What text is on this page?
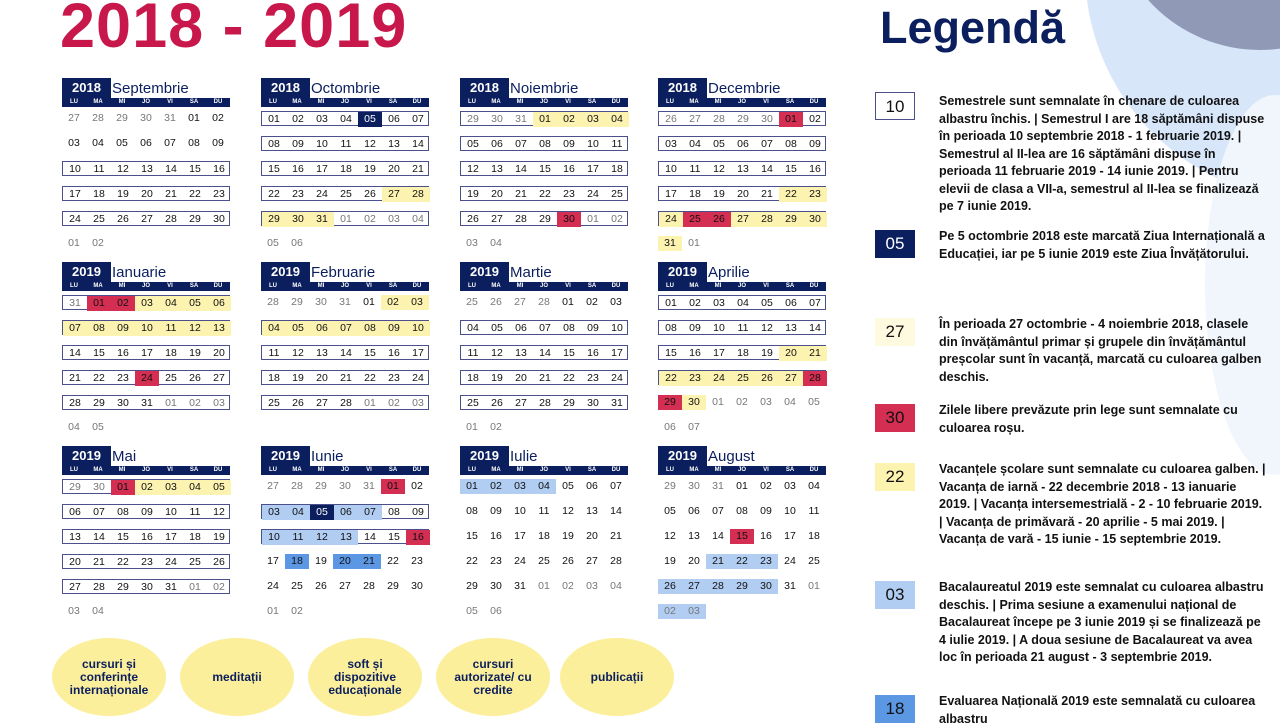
2018 - 2019	Legendă
2018 Septembrie
LU	MA	MI	JO	VI	SA	DU
27	28	29	30	31	01	02
03	04	05	06	07	08	09
10	11	12	13	14	15	16
17	18	19	20	21	22	23
24	25	26	27	28	29	30
01	02
2018 Octombrie
LU	MA	MI	JO	VI	SA	DU
01	02	03	04	05	06	07
08	09	10	11	12	13	14
15	16	17	18	19	20	21
22	23	24	25	26	27	28
29	30	31	01	02	03	04
05	06
2018 Noiembrie
LU	MA	MI	JO	VI	SA	DU
29	30	31	01	02	03	04
05	06	07	08	09	10	11
12	13	14	15	16	17	18
19	20	21	22	23	24	25
26	27	28	29	30	01	02
03	04
2018 Decembrie
LU	MA	MI	JO	VI	SA	DU
26	27	28	29	30	01	02
03	04	05	06	07	08	09
10	11	12	13	14	15	16
17	18	19	20	21	22	23
24	25	26	27	28	29	30
31	01
2019 Ianuarie
LU	MA	MI	JO	VI	SA	DU
31	01	02	03	04	05	06
07	08	09	10	11	12	13
14	15	16	17	18	19	20
21	22	23	24	25	26	27
28	29	30	31	01	02	03
04	05
2019 Februarie
LU	MA	MI	JO	VI	SA	DU
28	29	30	31	01	02	03
04	05	06	07	08	09	10
11	12	13	14	15	16	17
18	19	20	21	22	23	24
25	26	27	28	01	02	03
2019 Martie
LU	MA	MI	JO	VI	SA	DU
25	26	27	28	01	02	03
04	05	06	07	08	09	10
11	12	13	14	15	16	17
18	19	20	21	22	23	24
25	26	27	28	29	30	31
01	02
2019 Aprilie
LU	MA	MI	JO	VI	SA	DU
01	02	03	04	05	06	07
08	09	10	11	12	13	14
15	16	17	18	19	20	21
22	23	24	25	26	27	28
29	30	01	02	03	04	05
06	07
2019 Mai
LU	MA	MI	JO	VI	SA	DU
29	30	01	02	03	04	05
06	07	08	09	10	11	12
13	14	15	16	17	18	19
20	21	22	23	24	25	26
27	28	29	30	31	01	02
03	04
2019 Iunie
LU	MA	MI	JO	VI	SA	DU
27	28	29	30	31	01	02
03	04	05	06	07	08	09
10	11	12	13	14	15	16
17	18	19	20	21	22	23
24	25	26	27	28	29	30
01	02
2019 Iulie
LU	MA	MI	JO	VI	SA	DU
01	02	03	04	05	06	07
08	09	10	11	12	13	14
15	16	17	18	19	20	21
22	23	24	25	26	27	28
29	30	31	01	02	03	04
05	06
2019 August
LU	MA	MI	JO	VI	SA	DU
29	30	31	01	02	03	04
05	06	07	08	09	10	11
12	13	14	15	16	17	18
19	20	21	22	23	24	25
26	27	28	29	30	31	01
02	03
cursuri și conferințe internaționale
meditații
soft și dispozitive educaționale
cursuri autorizate/ cu credite
publicații
10	Semestrele sunt semnalate în chenare de culoarea albastru închis. | Semestrul I are 18 săptămâni dispuse în perioada 10 septembrie 2018 - 1 februarie 2019. | Semestrul al II-lea are 16 săptămâni dispuse în perioada 11 februarie 2019 - 14 iunie 2019. | Pentru elevii de clasa a VII-a, semestrul al II-lea se finalizează pe 7 iunie 2019.
05	Pe 5 octombrie 2018 este marcată Ziua Internațională a Educației, iar pe 5 iunie 2019 este Ziua Învățătorului.
27	În perioada 27 octombrie - 4 noiembrie 2018, clasele din învățământul primar și grupele din învățământul preșcolar sunt în vacanță, marcată cu culoarea galben deschis.
30	Zilele libere prevăzute prin lege sunt semnalate cu culoarea roșu.
22	Vacanțele școlare sunt semnalate cu culoarea galben. | Vacanța de iarnă - 22 decembrie 2018 - 13 ianuarie 2019. | Vacanța intersemestrială - 2 - 10 februarie 2019. | Vacanța de primăvară - 20 aprilie - 5 mai 2019. | Vacanța de vară - 15 iunie - 15 septembrie 2019.
03	Bacalaureatul 2019 este semnalat cu culoarea albastru deschis. | Prima sesiune a examenului național de Bacalaureat începe pe 3 iunie 2019 și se finalizează pe 4 iulie 2019. | A doua sesiune de Bacalaureat va avea loc în perioada 21 august - 3 septembrie 2019.
18	Evaluarea Națională 2019 este semnalată cu culoarea albastru
